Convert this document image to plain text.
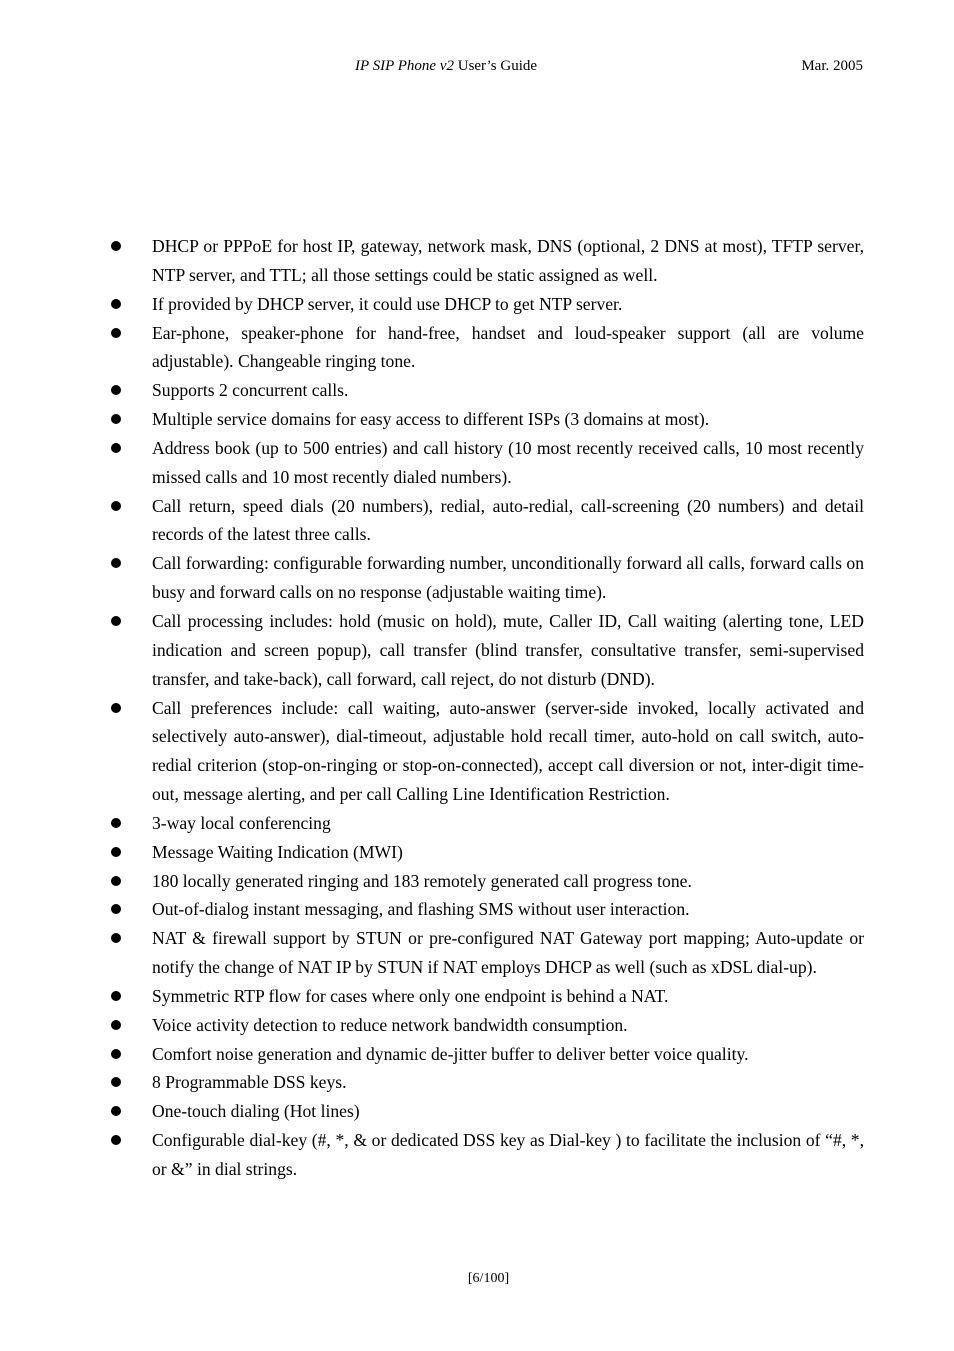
IP SIP Phone v2 User’s Guide	Mar. 2005
DHCP or PPPoE for host IP, gateway, network mask, DNS (optional, 2 DNS at most), TFTP server, NTP server, and TTL; all those settings could be static assigned as well.
If provided by DHCP server, it could use DHCP to get NTP server.
Ear-phone, speaker-phone for hand-free, handset and loud-speaker support (all are volume adjustable). Changeable ringing tone.
Supports 2 concurrent calls.
Multiple service domains for easy access to different ISPs (3 domains at most).
Address book (up to 500 entries) and call history (10 most recently received calls, 10 most recently missed calls and 10 most recently dialed numbers).
Call return, speed dials (20 numbers), redial, auto-redial, call-screening (20 numbers) and detail records of the latest three calls.
Call forwarding: configurable forwarding number, unconditionally forward all calls, forward calls on busy and forward calls on no response (adjustable waiting time).
Call processing includes: hold (music on hold), mute, Caller ID, Call waiting (alerting tone, LED indication and screen popup), call transfer (blind transfer, consultative transfer, semi-supervised transfer, and take-back), call forward, call reject, do not disturb (DND).
Call preferences include: call waiting, auto-answer (server-side invoked, locally activated and selectively auto-answer), dial-timeout, adjustable hold recall timer, auto-hold on call switch, auto-redial criterion (stop-on-ringing or stop-on-connected), accept call diversion or not, inter-digit time-out, message alerting, and per call Calling Line Identification Restriction.
3-way local conferencing
Message Waiting Indication (MWI)
180 locally generated ringing and 183 remotely generated call progress tone.
Out-of-dialog instant messaging, and flashing SMS without user interaction.
NAT & firewall support by STUN or pre-configured NAT Gateway port mapping; Auto-update or notify the change of NAT IP by STUN if NAT employs DHCP as well (such as xDSL dial-up).
Symmetric RTP flow for cases where only one endpoint is behind a NAT.
Voice activity detection to reduce network bandwidth consumption.
Comfort noise generation and dynamic de-jitter buffer to deliver better voice quality.
8 Programmable DSS keys.
One-touch dialing (Hot lines)
Configurable dial-key (#, *, & or dedicated DSS key as Dial-key ) to facilitate the inclusion of “#, *, or &” in dial strings.
[6/100]
